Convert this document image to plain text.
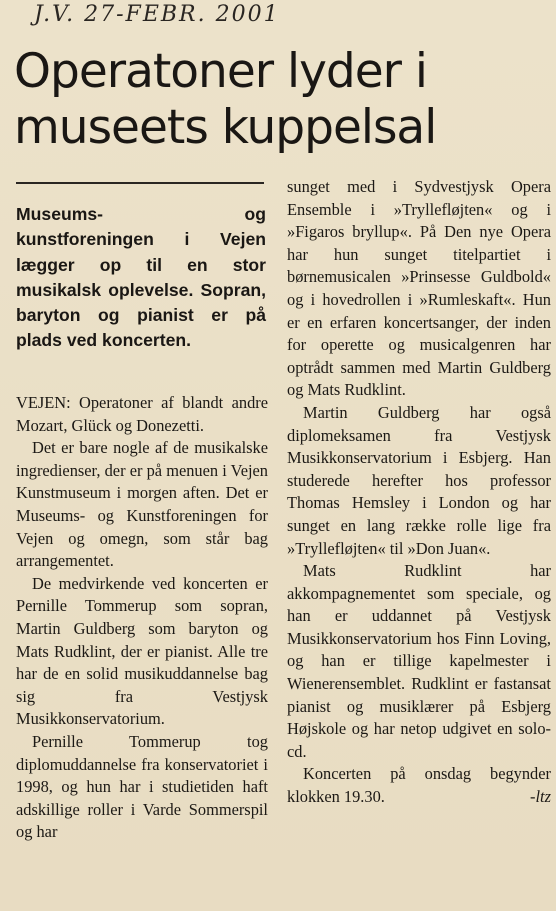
J.V. 27-FEBR. 2001
Operatoner lyder i
museets kuppelsal
Museums- og kunstforeningen i Vejen lægger op til en stor musikalsk oplevelse. Sopran, baryton og pianist er på plads ved koncerten.

VEJEN: Operatoner af blandt andre Mozart, Glück og Donezetti.

Det er bare nogle af de musikalske ingredienser, der er på menuen i Vejen Kunstmuseum i morgen aften. Det er Museums- og Kunstforeningen for Vejen og omegn, som står bag arrangementet.

De medvirkende ved koncerten er Pernille Tommerup som sopran, Martin Guldberg som baryton og Mats Rudklint, der er pianist. Alle tre har de en solid musikuddannelse bag sig fra Vestjysk Musikkonservatorium.

Pernille Tommerup tog diplomuddannelse fra konservatoriet i 1998, og hun har i studietiden haft adskillige roller i Varde Sommerspil og har

sunget med i Sydvestjysk Opera Ensemble i »Tryllefløjten« og i »Figaros bryllup«. På Den nye Opera har hun sunget titelpartiet i børnemusicalen »Prinsesse Guldbold« og i hovedrollen i »Rumleskaft«. Hun er en erfaren koncertsanger, der inden for operette og musicalgenren har optrådt sammen med Martin Guldberg og Mats Rudklint.

Martin Guldberg har også diplomeksamen fra Vestjysk Musikkonservatorium i Esbjerg. Han studerede herefter hos professor Thomas Hemsley i London og har sunget en lang række rolle lige fra »Tryllefløjten« til »Don Juan«.

Mats Rudklint har akkompagnementet som speciale, og han er uddannet på Vestjysk Musikkonservatorium hos Finn Loving, og han er tillige kapelmester i Wienerensemblet. Rudklint er fastansat pianist og musiklærer på Esbjerg Højskole og har netop udgivet en solo-cd.

Koncerten på onsdag begynder klokken 19.30.	-ltz
